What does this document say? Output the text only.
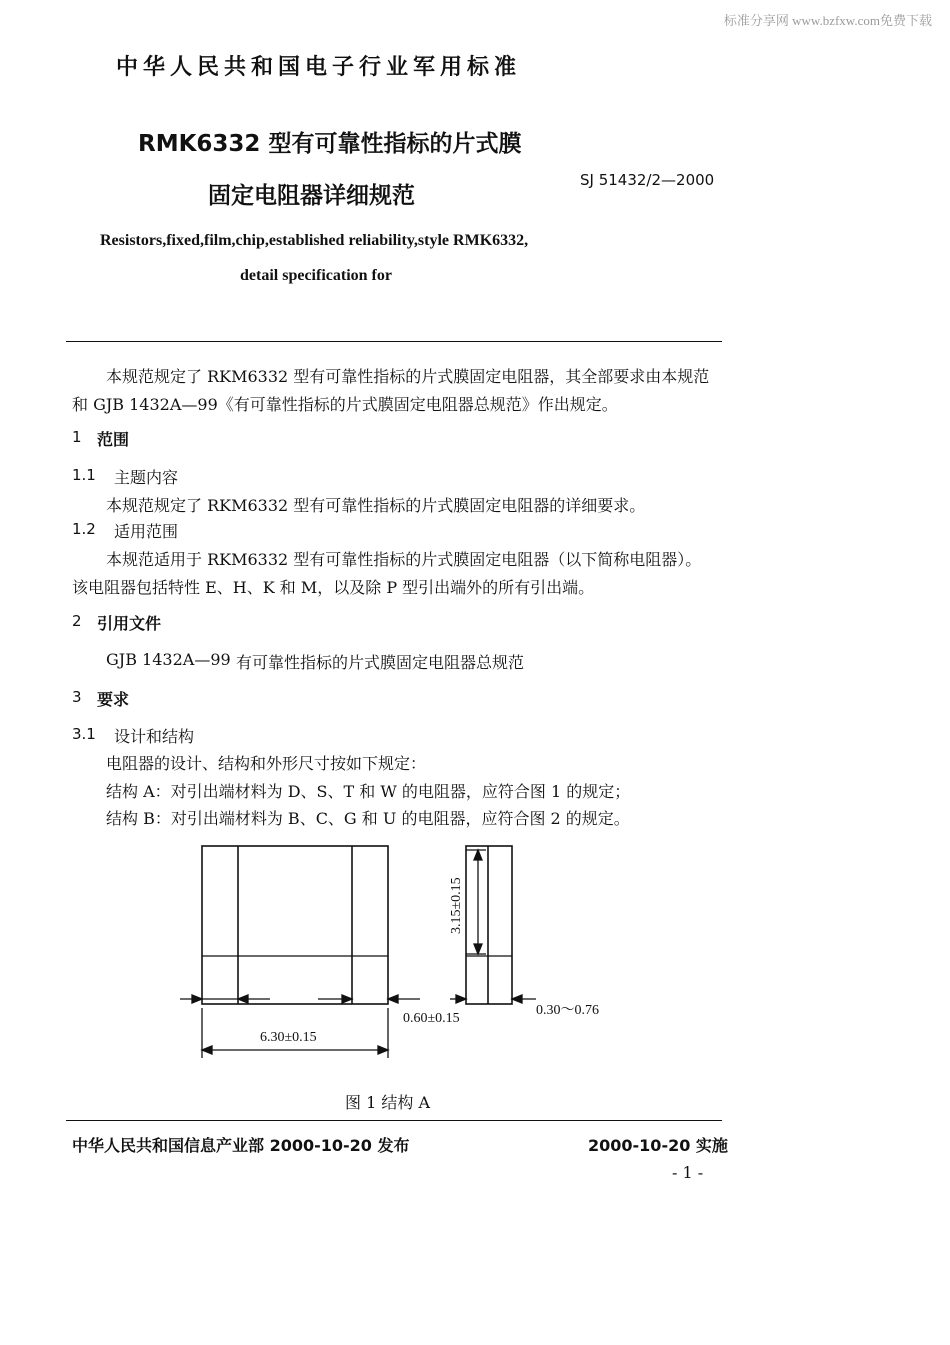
标准分享网 www.bzfxw.com免费下载
中华人民共和国电子行业军用标准
RMK6332 型有可靠性指标的片式膜
固定电阻器详细规范
SJ 51432/2—2000
Resistors,fixed,film,chip,established reliability,style RMK6332,
detail specification for
本规范规定了 RKM6332 型有可靠性指标的片式膜固定电阻器，其全部要求由本规范
和 GJB 1432A—99《有可靠性指标的片式膜固定电阻器总规范》作出规定。
1 范围
1.1 主题内容
本规范规定了 RKM6332 型有可靠性指标的片式膜固定电阻器的详细要求。
1.2 适用范围
本规范适用于 RKM6332 型有可靠性指标的片式膜固定电阻器（以下简称电阻器）。
该电阻器包括特性 E、H、K 和 M，以及除 P 型引出端外的所有引出端。
2 引用文件
GJB 1432A—99 有可靠性指标的片式膜固定电阻器总规范
3 要求
3.1 设计和结构
电阻器的设计、结构和外形尺寸按如下规定：
结构 A：对引出端材料为 D、S、T 和 W 的电阻器，应符合图 1 的规定；
结构 B：对引出端材料为 B、C、G 和 U 的电阻器，应符合图 2 的规定。
6.30±0.15
0.60±0.15
0.30～0.76
3.15±0.15
图 1 结构 A
中华人民共和国信息产业部 2000-10-20 发布	2000-10-20 实施
- 1 -
